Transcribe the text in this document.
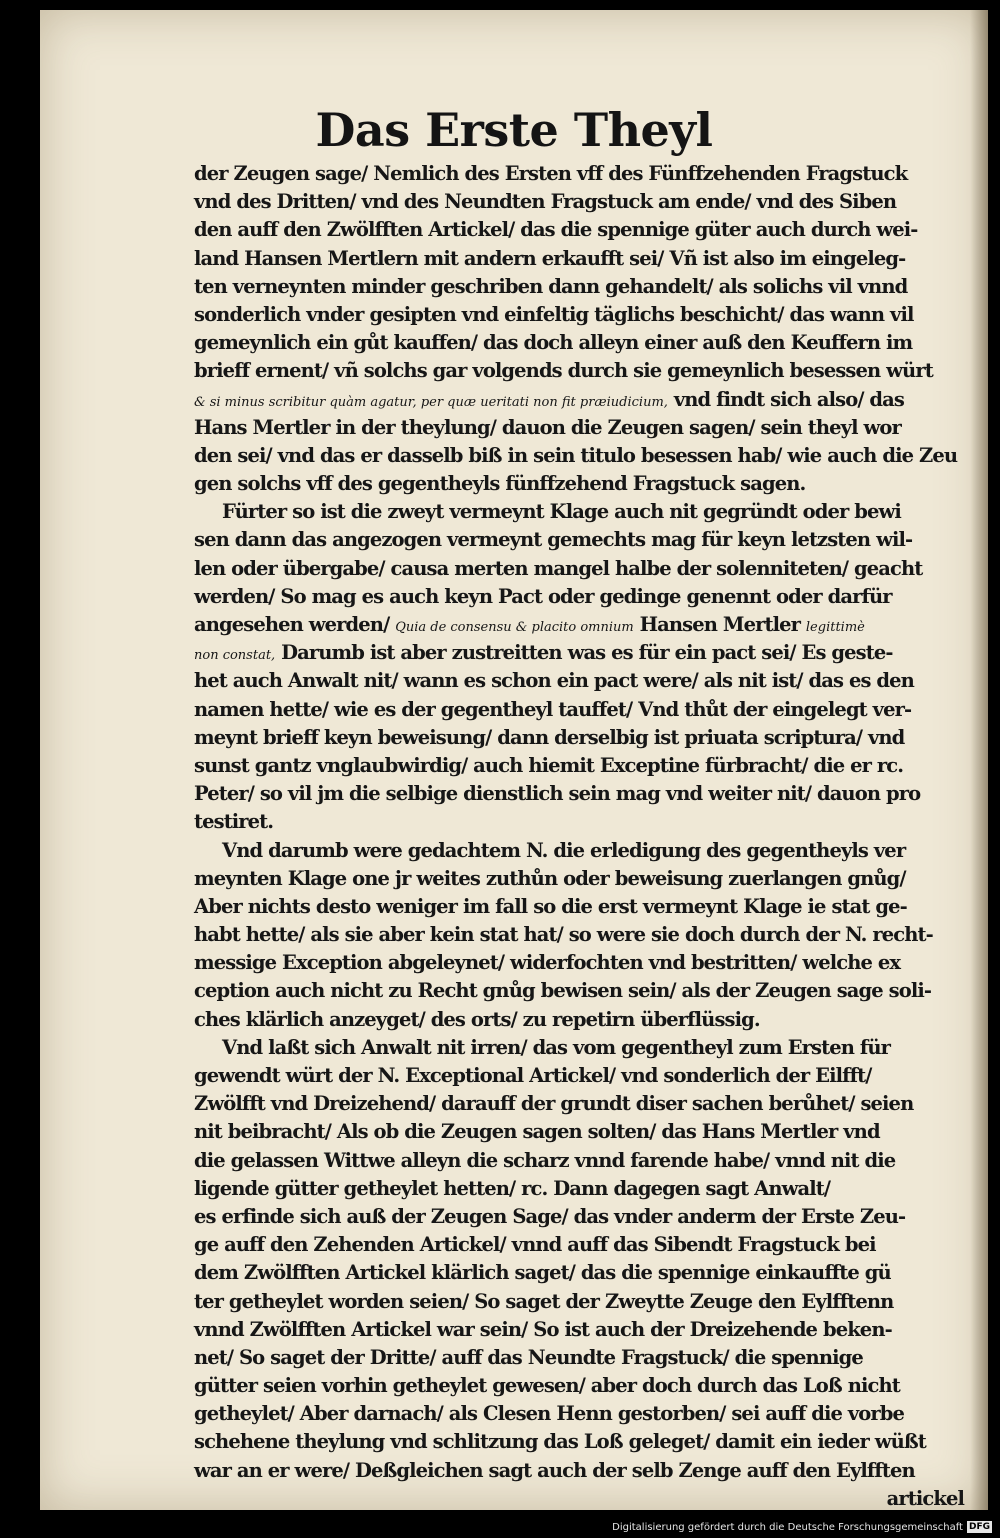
Das Erste Theyl
der Zeugen sage/ Nemlich des Ersten vff des Fünffzehenden Fragstuck
vnd des Dritten/ vnd des Neundten Fragstuck am ende/ vnd des Siben
den auff den Zwölfften Artickel/ das die spennige güter auch durch wei-
land Hansen Mertlern mit andern erkaufft sei/ Vñ ist also im eingeleg-
ten verneynten minder geschriben dann gehandelt/ als solichs vil vnnd
sonderlich vnder gesipten vnd einfeltig täglichs beschicht/ das wann vil
gemeynlich ein gůt kauffen/ das doch alleyn einer auß den Keuffern im
brieff ernent/ vñ solchs gar volgends durch sie gemeynlich besessen würt
& si minus scribitur quàm agatur, per quæ ueritati non fit præiudicium, vnd findt sich also/ das
Hans Mertler in der theylung/ dauon die Zeugen sagen/ sein theyl wor
den sei/ vnd das er dasselb biß in sein titulo besessen hab/ wie auch die Zeu
gen solchs vff des gegentheyls fünffzehend Fragstuck sagen.
Fürter so ist die zweyt vermeynt Klage auch nit gegründt oder bewi
sen dann das angezogen vermeynt gemechts mag für keyn letzsten wil-
len oder übergabe/ causa merten mangel halbe der solenniteten/ geacht
werden/ So mag es auch keyn Pact oder gedinge genennt oder darfür
angesehen werden/ Quia de consensu & placito omnium Hansen Mertler legittimè
non constat, Darumb ist aber zustreitten was es für ein pact sei/ Es geste-
het auch Anwalt nit/ wann es schon ein pact were/ als nit ist/ das es den
namen hette/ wie es der gegentheyl tauffet/ Vnd thůt der eingelegt ver-
meynt brieff keyn beweisung/ dann derselbig ist priuata scriptura/ vnd
sunst gantz vnglaubwirdig/ auch hiemit Exceptine fürbracht/ die er rc.
Peter/ so vil jm die selbige dienstlich sein mag vnd weiter nit/ dauon pro
testiret.
Vnd darumb were gedachtem N. die erledigung des gegentheyls ver
meynten Klage one jr weites zuthůn oder beweisung zuerlangen gnůg/
Aber nichts desto weniger im fall so die erst vermeynt Klage ie stat ge-
habt hette/ als sie aber kein stat hat/ so were sie doch durch der N. recht-
messige Exception abgeleynet/ widerfochten vnd bestritten/ welche ex
ception auch nicht zu Recht gnůg bewisen sein/ als der Zeugen sage soli-
ches klärlich anzeyget/ des orts/ zu repetirn überflüssig.
Vnd laßt sich Anwalt nit irren/ das vom gegentheyl zum Ersten für
gewendt würt der N. Exceptional Artickel/ vnd sonderlich der Eilfft/
Zwölfft vnd Dreizehend/ darauff der grundt diser sachen berůhet/ seien
nit beibracht/ Als ob die Zeugen sagen solten/ das Hans Mertler vnd
die gelassen Wittwe alleyn die scharz vnnd farende habe/ vnnd nit die
ligende gütter getheylet hetten/ rc. Dann dagegen sagt Anwalt/
es erfinde sich auß der Zeugen Sage/ das vnder anderm der Erste Zeu-
ge auff den Zehenden Artickel/ vnnd auff das Sibendt Fragstuck bei
dem Zwölfften Artickel klärlich saget/ das die spennige einkauffte gü
ter getheylet worden seien/ So saget der Zweytte Zeuge den Eylfftenn
vnnd Zwölfften Artickel war sein/ So ist auch der Dreizehende beken-
net/ So saget der Dritte/ auff das Neundte Fragstuck/ die spennige
gütter seien vorhin getheylet gewesen/ aber doch durch das Loß nicht
getheylet/ Aber darnach/ als Clesen Henn gestorben/ sei auff die vorbe
schehene theylung vnd schlitzung das Loß geleget/ damit ein ieder wüßt
war an er were/ Deßgleichen sagt auch der selb Zenge auff den Eylfften
artickel
Digitalisierung gefördert durch die Deutsche Forschungsgemeinschaft DFG
